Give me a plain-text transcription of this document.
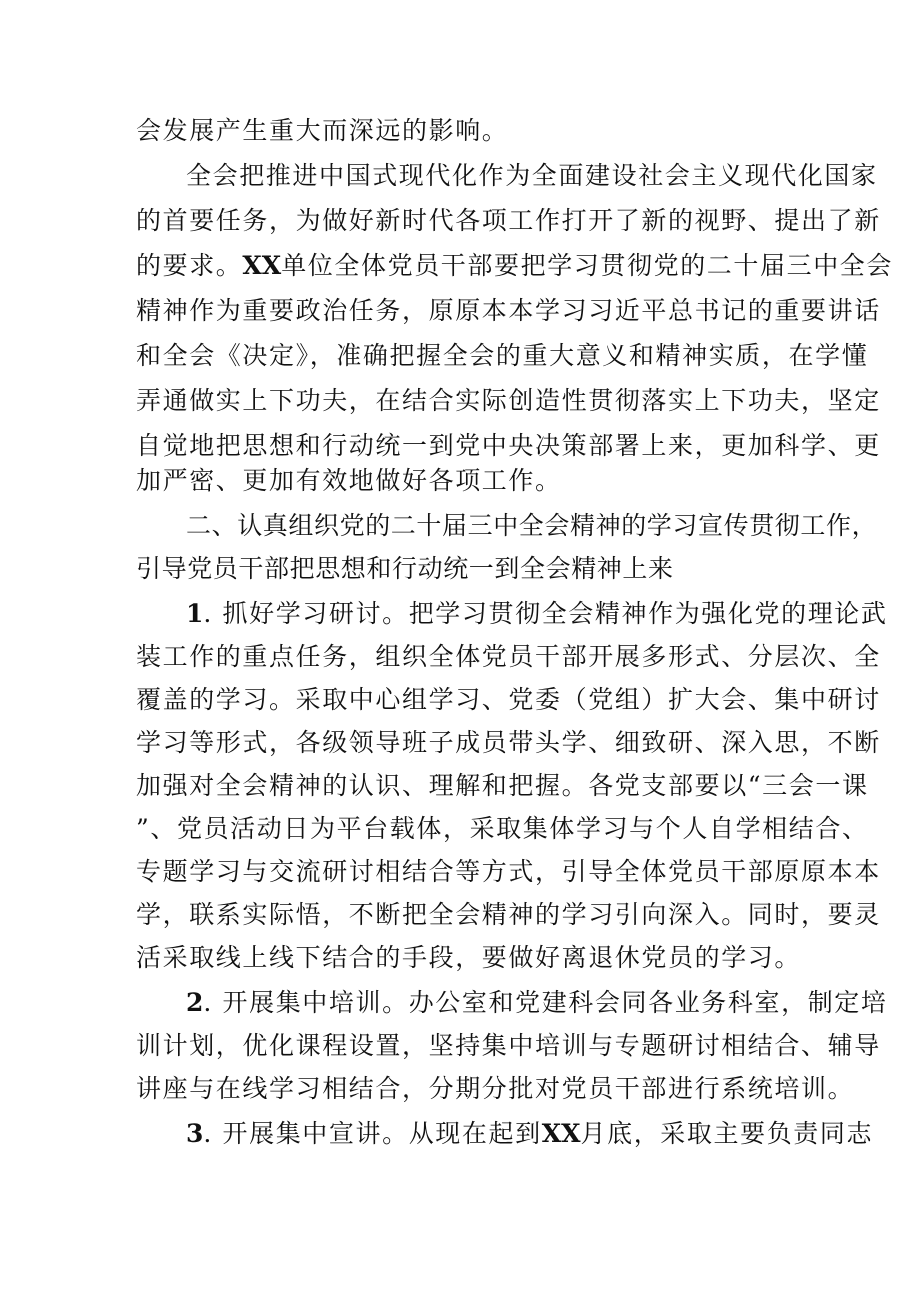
会发展产生重大而深远的影响。
全会把推进中国式现代化作为全面建设社会主义现代化国家
的首要任务，为做好新时代各项工作打开了新的视野、提出了新
的要求。XX单位全体党员干部要把学习贯彻党的二十届三中全会
精神作为重要政治任务，原原本本学习习近平总书记的重要讲话
和全会《决定》，准确把握全会的重大意义和精神实质，在学懂
弄通做实上下功夫，在结合实际创造性贯彻落实上下功夫，坚定
自觉地把思想和行动统一到党中央决策部署上来，更加科学、更
加严密、更加有效地做好各项工作。
二、认真组织党的二十届三中全会精神的学习宣传贯彻工作，
引导党员干部把思想和行动统一到全会精神上来
1. 抓好学习研讨。把学习贯彻全会精神作为强化党的理论武
装工作的重点任务，组织全体党员干部开展多形式、分层次、全
覆盖的学习。采取中心组学习、党委（党组）扩大会、集中研讨
学习等形式，各级领导班子成员带头学、细致研、深入思，不断
加强对全会精神的认识、理解和把握。各党支部要以“三会一课
”、党员活动日为平台载体，采取集体学习与个人自学相结合、
专题学习与交流研讨相结合等方式，引导全体党员干部原原本本
学，联系实际悟，不断把全会精神的学习引向深入。同时，要灵
活采取线上线下结合的手段，要做好离退休党员的学习。
2. 开展集中培训。办公室和党建科会同各业务科室，制定培
训计划，优化课程设置，坚持集中培训与专题研讨相结合、辅导
讲座与在线学习相结合，分期分批对党员干部进行系统培训。
3. 开展集中宣讲。从现在起到XX月底，采取主要负责同志
